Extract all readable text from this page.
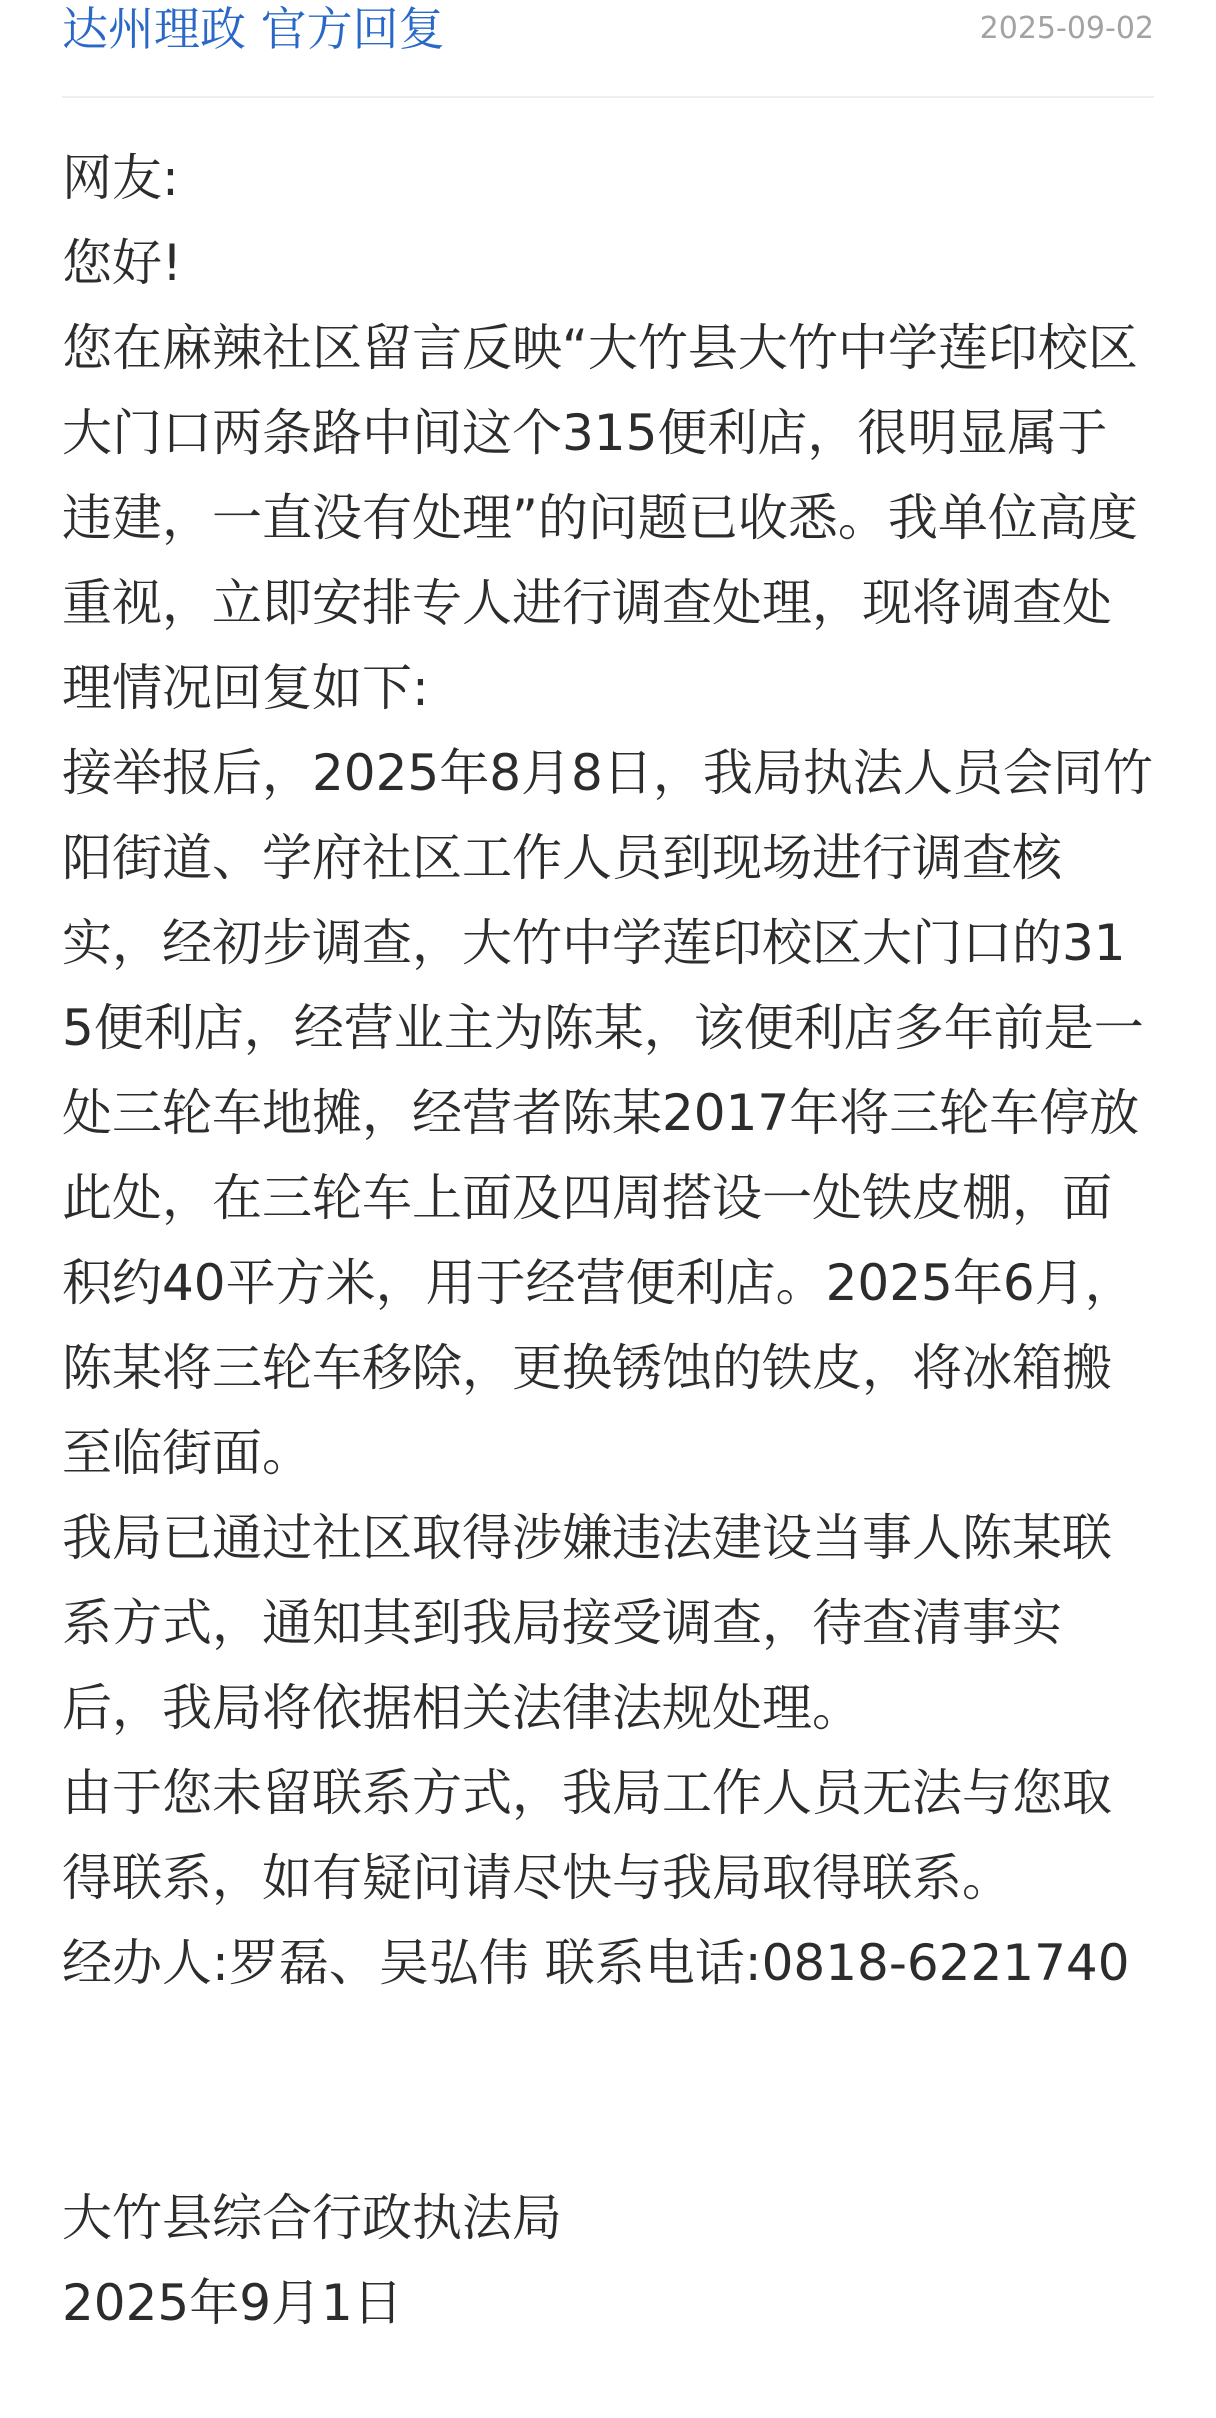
达州理政 官方回复	2025-09-02

网友:

您好!

您在麻辣社区留言反映“大竹县大竹中学莲印校区大门口两条路中间这个315便利店，很明显属于违建，一直没有处理”的问题已收悉。我单位高度重视，立即安排专人进行调查处理，现将调查处理情况回复如下:

接举报后，2025年8月8日，我局执法人员会同竹阳街道、学府社区工作人员到现场进行调查核实，经初步调查，大竹中学莲印校区大门口的315便利店，经营业主为陈某，该便利店多年前是一处三轮车地摊，经营者陈某2017年将三轮车停放此处，在三轮车上面及四周搭设一处铁皮棚，面积约40平方米，用于经营便利店。2025年6月，陈某将三轮车移除，更换锈蚀的铁皮，将冰箱搬至临街面。

我局已通过社区取得涉嫌违法建设当事人陈某联系方式，通知其到我局接受调查，待查清事实后，我局将依据相关法律法规处理。

由于您未留联系方式，我局工作人员无法与您取得联系，如有疑问请尽快与我局取得联系。

经办人:罗磊、吴弘伟 联系电话:0818-6221740

大竹县综合行政执法局

2025年9月1日
